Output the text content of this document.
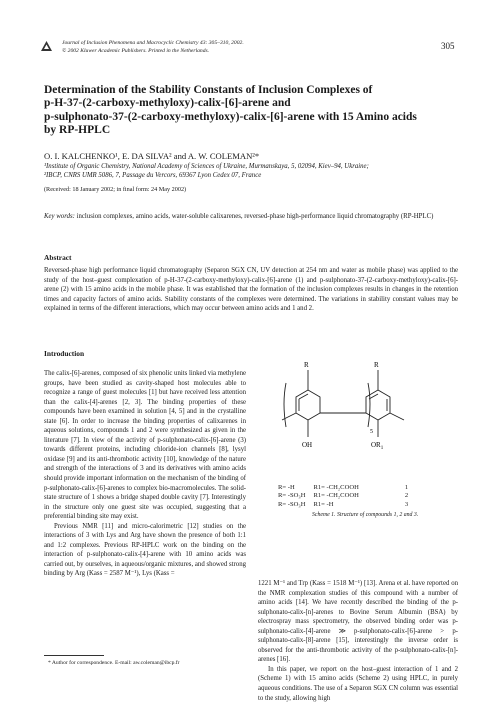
Journal of Inclusion Phenomena and Macrocyclic Chemistry 43: 305–310, 2002.
© 2002 Kluwer Academic Publishers. Printed in the Netherlands.	305
Determination of the Stability Constants of Inclusion Complexes of
p-H-37-(2-carboxy-methyloxy)-calix-[6]-arene and
p-sulphonato-37-(2-carboxy-methyloxy)-calix-[6]-arene with 15 Amino acids
by RP-HPLC
O. I. KALCHENKO¹, E. DA SILVA² and A. W. COLEMAN²*
¹Institute of Organic Chemistry, National Academy of Sciences of Ukraine, Murmanskaya, 5, 02094, Kiev–94, Ukraine;
²IBCP, CNRS UMR 5086, 7, Passage du Vercors, 69367 Lyon Cedex 07, France
(Received: 18 January 2002; in final form: 24 May 2002)
Key words: inclusion complexes, amino acids, water-soluble calixarenes, reversed-phase high-performance liquid chromatography (RP-HPLC)
Abstract
Reversed-phase high performance liquid chromatography (Separon SGX CN, UV detection at 254 nm and water as mobile phase) was applied to the study of the host–guest complexation of p-H-37-(2-carboxy-methyloxy)-calix-[6]-arene (1) and p-sulphonato-37-(2-carboxy-methyloxy)-calix-[6]-arene (2) with 15 amino acids in the mobile phase. It was established that the formation of the inclusion complexes results in changes in the retention times and capacity factors of amino acids. Stability constants of the complexes were determined. The variations in stability constant values may be explained in terms of the different interactions, which may occur between amino acids and 1 and 2.
Introduction

The calix-[6]-arenes, composed of six phenolic units linked via methylene groups, have been studied as cavity-shaped host molecules able to recognize a range of guest molecules [1] but have received less attention than the calix-[4]-arenes [2, 3]. The binding properties of these compounds have been examined in solution [4, 5] and in the crystalline state [6]. In order to increase the binding properties of calixarenes in aqueous solutions, compounds 1 and 2 were synthesized as given in the literature [7]. In view of the activity of p-sulphonato-calix-[6]-arene (3) towards different proteins, including chloride-ion channels [8], lysyl oxidase [9] and its anti-thrombotic activity [10], knowledge of the nature and strength of the interactions of 3 and its derivatives with amino acids should provide important information on the mechanism of the binding of p-sulphonato-calix-[6]-arenes to complex bio-macromolecules. The solid-state structure of 1 shows a bridge shaped double cavity [7]. Interestingly in the structure only one guest site was occupied, suggesting that a preferential binding site may exist.

Previous NMR [11] and micro-calorimetric [12] studies on the interactions of 3 with Lys and Arg have shown the presence of both 1:1 and 1:2 complexes. Previous RP-HPLC work on the binding on the interaction of p-sulphonato-calix-[4]-arene with 10 amino acids was carried out, by ourselves, in aqueous/organic mixtures, and showed strong binding by Arg (Kass = 2587 M⁻¹), Lys (Kass =

R	R
5
OH	$OR_1$
R= -H	R1= -CH₂COOH	1
R= -SO₃H	R1= -CH₂COOH	2
R= -SO₃H	R1= -H	3
Scheme 1. Structure of compounds 1, 2 and 3.

1221 M⁻¹ and Trp (Kass = 1518 M⁻¹) [13]. Arena et al. have reported on the NMR complexation studies of this compound with a number of amino acids [14]. We have recently described the binding of the p-sulphonato-calix-[n]-arenes to Bovine Serum Albumin (BSA) by electrospray mass spectrometry, the observed binding order was p-sulphonato-calix-[4]-arene ≫ p-sulphonato-calix-[6]-arene > p-sulphonato-calix-[8]-arene [15], interestingly the inverse order is observed for the anti-thrombotic activity of the p-sulphonato-calix-[n]-arenes [16].

In this paper, we report on the host–guest interaction of 1 and 2 (Scheme 1) with 15 amino acids (Scheme 2) using HPLC, in purely aqueous conditions. The use of a Separon SGX CN column was essential to the study, allowing high

* Author for correspondence. E-mail: aw.coleman@ibcp.fr
